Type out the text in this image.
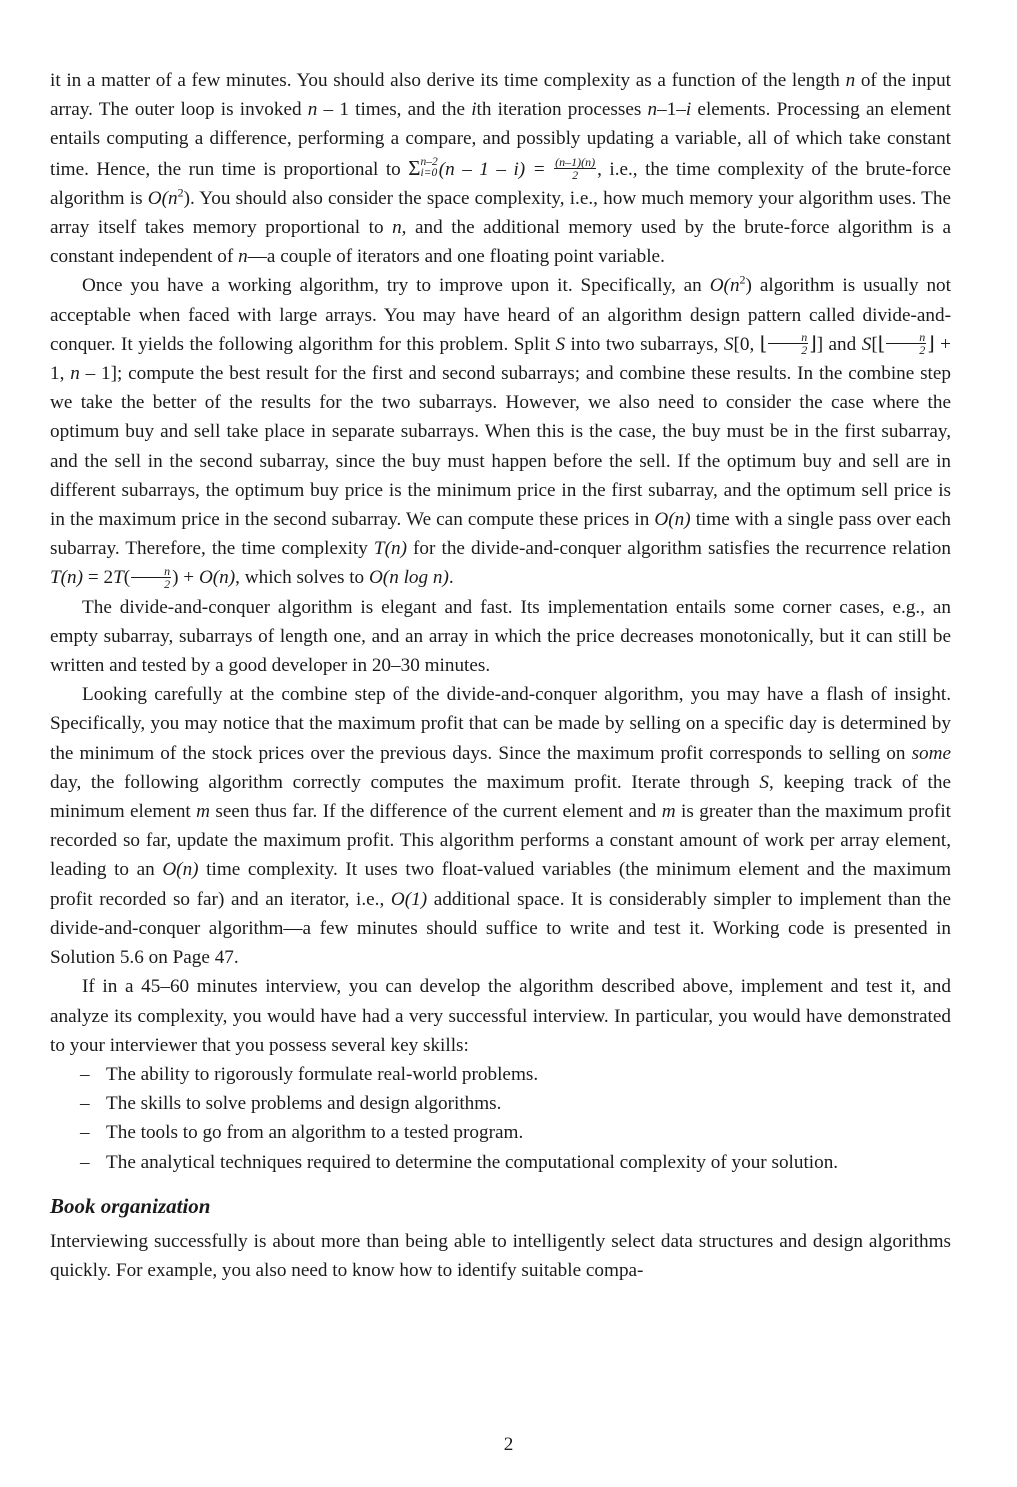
it in a matter of a few minutes. You should also derive its time complexity as a function of the length n of the input array. The outer loop is invoked n – 1 times, and the ith iteration processes n–1–i elements. Processing an element entails computing a difference, performing a compare, and possibly updating a variable, all of which take constant time. Hence, the run time is proportional to Σ n–2
i=0 $(n - 1 - i) = \frac{(n-1)(n)}{2}$ , i.e., the time complexity of the brute-force algorithm is $O(n^2)$. You should also consider the space complexity, i.e., how much memory your algorithm uses. The array itself takes memory proportional to n, and the additional memory used by the brute-force algorithm is a constant independent of n—a couple of iterators and one floating point variable.

Once you have a working algorithm, try to improve upon it. Specifically, an $O(n^2)$ algorithm is usually not acceptable when faced with large arrays. You may have heard of an algorithm design pattern called divide-and-conquer. It yields the following algorithm for this problem. Split S into two subarrays, S[0, ⌊ $\frac{n}{2}$ ⌋] and S[⌊ $\frac{n}{2}$ ⌋ + 1, n – 1]; compute the best result for the first and second subarrays; and combine these results. In the combine step we take the better of the results for the two subarrays. However, we also need to consider the case where the optimum buy and sell take place in separate subarrays. When this is the case, the buy must be in the first subarray, and the sell in the second subarray, since the buy must happen before the sell. If the optimum buy and sell are in different subarrays, the optimum buy price is the minimum price in the first subarray, and the optimum sell price is in the maximum price in the second subarray. We can compute these prices in O(n) time with a single pass over each subarray. Therefore, the time complexity T(n) for the divide-and-conquer algorithm satisfies the recurrence relation $T(n) = 2T( \frac{n}{2}$ ) + O(n), which solves to O(n log n).

The divide-and-conquer algorithm is elegant and fast. Its implementation entails some corner cases, e.g., an empty subarray, subarrays of length one, and an array in which the price decreases monotonically, but it can still be written and tested by a good developer in 20–30 minutes.

Looking carefully at the combine step of the divide-and-conquer algorithm, you may have a flash of insight. Specifically, you may notice that the maximum profit that can be made by selling on a specific day is determined by the minimum of the stock prices over the previous days. Since the maximum profit corresponds to selling on some day, the following algorithm correctly computes the maximum profit. Iterate through S, keeping track of the minimum element m seen thus far. If the difference of the current element and m is greater than the maximum profit recorded so far, update the maximum profit. This algorithm performs a constant amount of work per array element, leading to an O(n) time complexity. It uses two float-valued variables (the minimum element and the maximum profit recorded so far) and an iterator, i.e., O(1) additional space. It is considerably simpler to implement than the divide-and-conquer algorithm—a few minutes should suffice to write and test it. Working code is presented in Solution 5.6 on Page 47.

If in a 45–60 minutes interview, you can develop the algorithm described above, implement and test it, and analyze its complexity, you would have had a very successful interview. In particular, you would have demonstrated to your interviewer that you possess several key skills:

– The ability to rigorously formulate real-world problems.
– The skills to solve problems and design algorithms.
– The tools to go from an algorithm to a tested program.
– The analytical techniques required to determine the computational complexity of your solution.
Book organization

Interviewing successfully is about more than being able to intelligently select data structures and design algorithms quickly. For example, you also need to know how to identify suitable compa-

2
